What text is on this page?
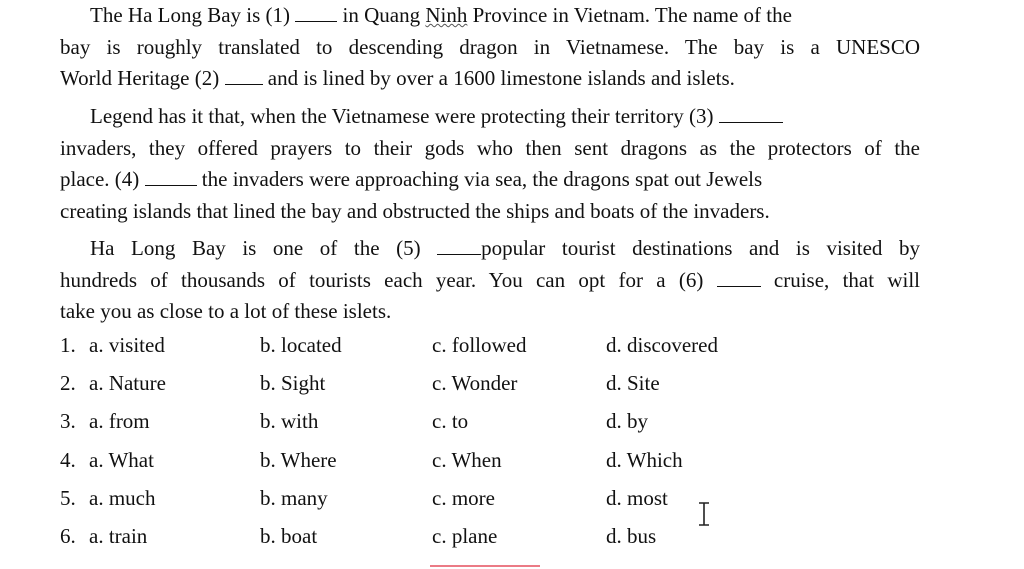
The Ha Long Bay is (1)  in Quang Ninh Province in Vietnam. The name of the
bay is roughly translated to descending dragon in Vietnamese. The bay is a UNESCO
World Heritage (2)  and is lined by over a 1600 limestone islands and islets.

Legend has it that, when the Vietnamese were protecting their territory (3)
invaders, they offered prayers to their gods who then sent dragons as the protectors of the
place. (4)  the invaders were approaching via sea, the dragons spat out Jewels
creating islands that lined the bay and obstructed the ships and boats of the invaders.

Ha Long Bay is one of the (5) popular tourist destinations and is visited by
hundreds of thousands of tourists each year. You can opt for a (6)  cruise, that will
take you as close to a lot of these islets.

1. a. visited	b. located	c. followed	d. discovered
2. a. Nature	b. Sight	c. Wonder	d. Site
3. a. from	b. with	c. to	d. by
4. a. What	b. Where	c. When	d. Which
5. a. much	b. many	c. more	d. most
6. a. train	b. boat	c. plane	d. bus
